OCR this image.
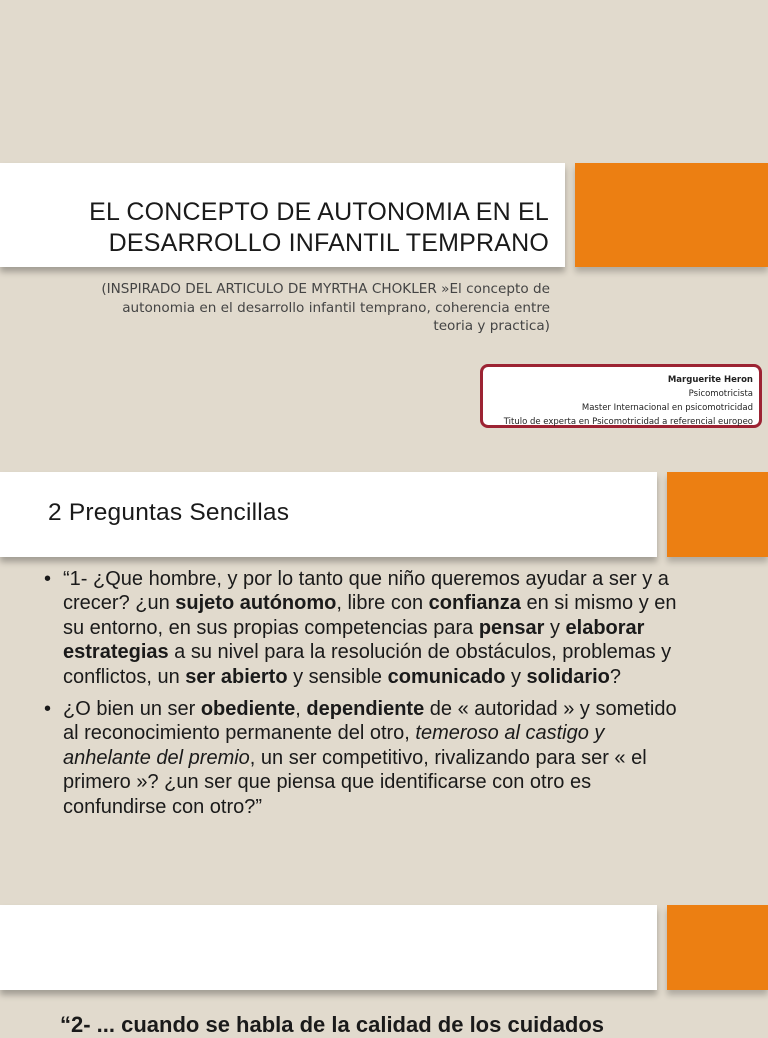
EL CONCEPTO DE AUTONOMIA EN EL
DESARROLLO INFANTIL TEMPRANO
(INSPIRADO DEL ARTICULO DE MYRTHA CHOKLER »El concepto de autonomia en el desarrollo infantil temprano, coherencia entre teoria y practica)
Marguerite Heron
Psicomotricista
Master Internacional en psicomotricidad
Titulo de experta en Psicomotricidad a referencial europeo
2 Preguntas Sencillas
• “1- ¿Que hombre, y por lo tanto que niño queremos ayudar a ser y a crecer? ¿un sujeto autónomo, libre con confianza en si mismo y en su entorno, en sus propias competencias para pensar y elaborar estrategias a su nivel para la resolución de obstáculos, problemas y conflictos, un ser abierto y sensible comunicado y solidario?
• ¿O bien un ser obediente, dependiente de « autoridad » y sometido al reconocimiento permanente del otro, temeroso al castigo y anhelante del premio, un ser competitivo, rivalizando para ser « el primero »? ¿un ser que piensa que identificarse con otro es confundirse con otro?”
“2- ... cuando se habla de la calidad de los cuidados
